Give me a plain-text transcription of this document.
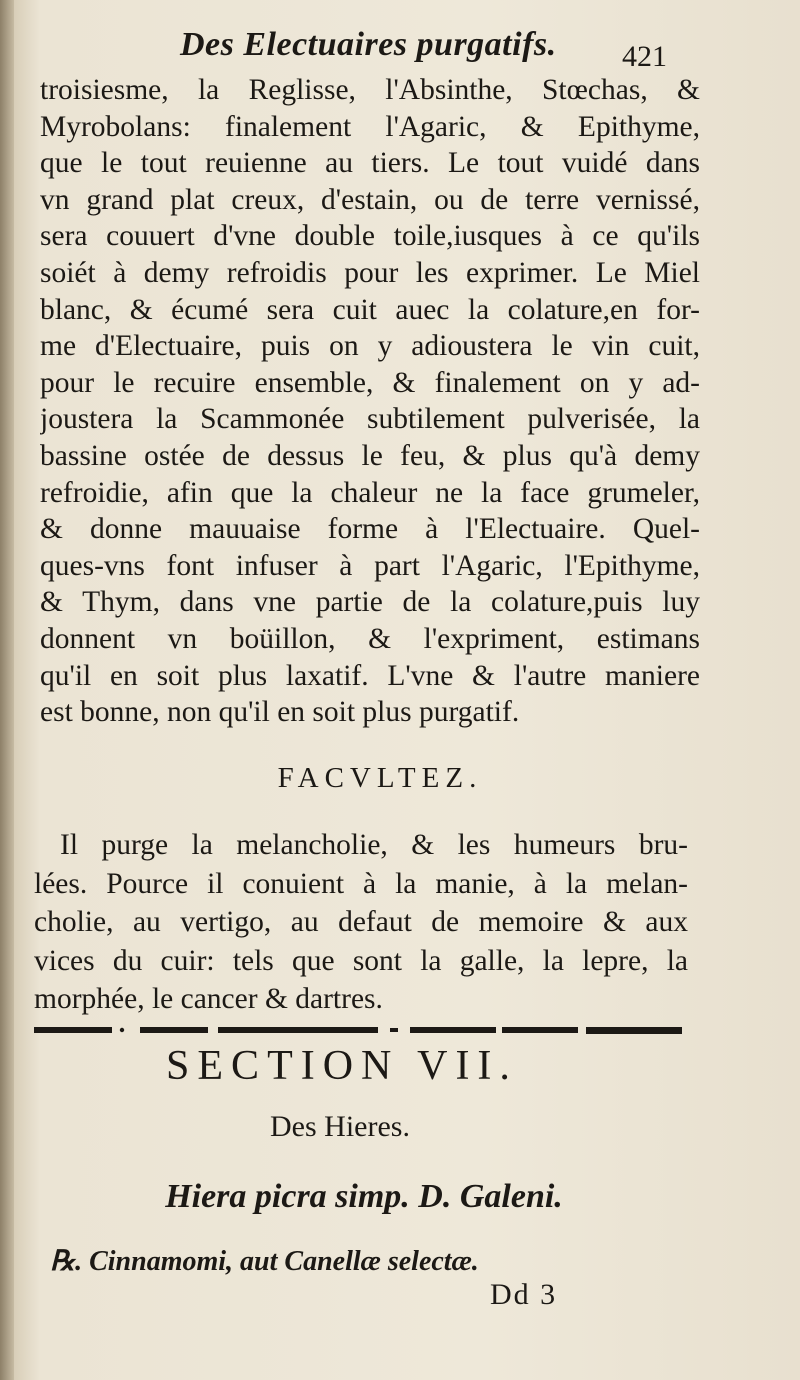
Des Electuaires purgatifs. 421
troisiesme, la Reglisse, l'Absinthe, Stœchas, &
Myrobolans: finalement l'Agaric, & Epithyme,
que le tout reuienne au tiers. Le tout vuidé dans
vn grand plat creux, d'estain, ou de terre vernissé,
sera couuert d'vne double toile,iusques à ce qu'ils
soiét à demy refroidis pour les exprimer. Le Miel
blanc, & écumé sera cuit auec la colature,en for-
me d'Electuaire, puis on y adioustera le vin cuit,
pour le recuire ensemble, & finalement on y ad-
joustera la Scammonée subtilement pulverisée, la
bassine ostée de dessus le feu, & plus qu'à demy
refroidie, afin que la chaleur ne la face grumeler,
& donne mauuaise forme à l'Electuaire. Quel-
ques-vns font infuser à part l'Agaric, l'Epithyme,
& Thym, dans vne partie de la colature,puis luy
donnent vn boüillon, & l'expriment, estimans
qu'il en soit plus laxatif. L'vne & l'autre maniere
est bonne, non qu'il en soit plus purgatif.
FACVLTEZ.
Il purge la melancholie, & les humeurs bru-
lées. Pource il conuient à la manie, à la melan-
cholie, au vertigo, au defaut de memoire & aux
vices du cuir: tels que sont la galle, la lepre, la
morphée, le cancer & dartres.
SECTION VII.
Des Hieres.
Hiera picra simp. D. Galeni.
℞. Cinnamomi, aut Canellæ selectæ.
Dd 3
